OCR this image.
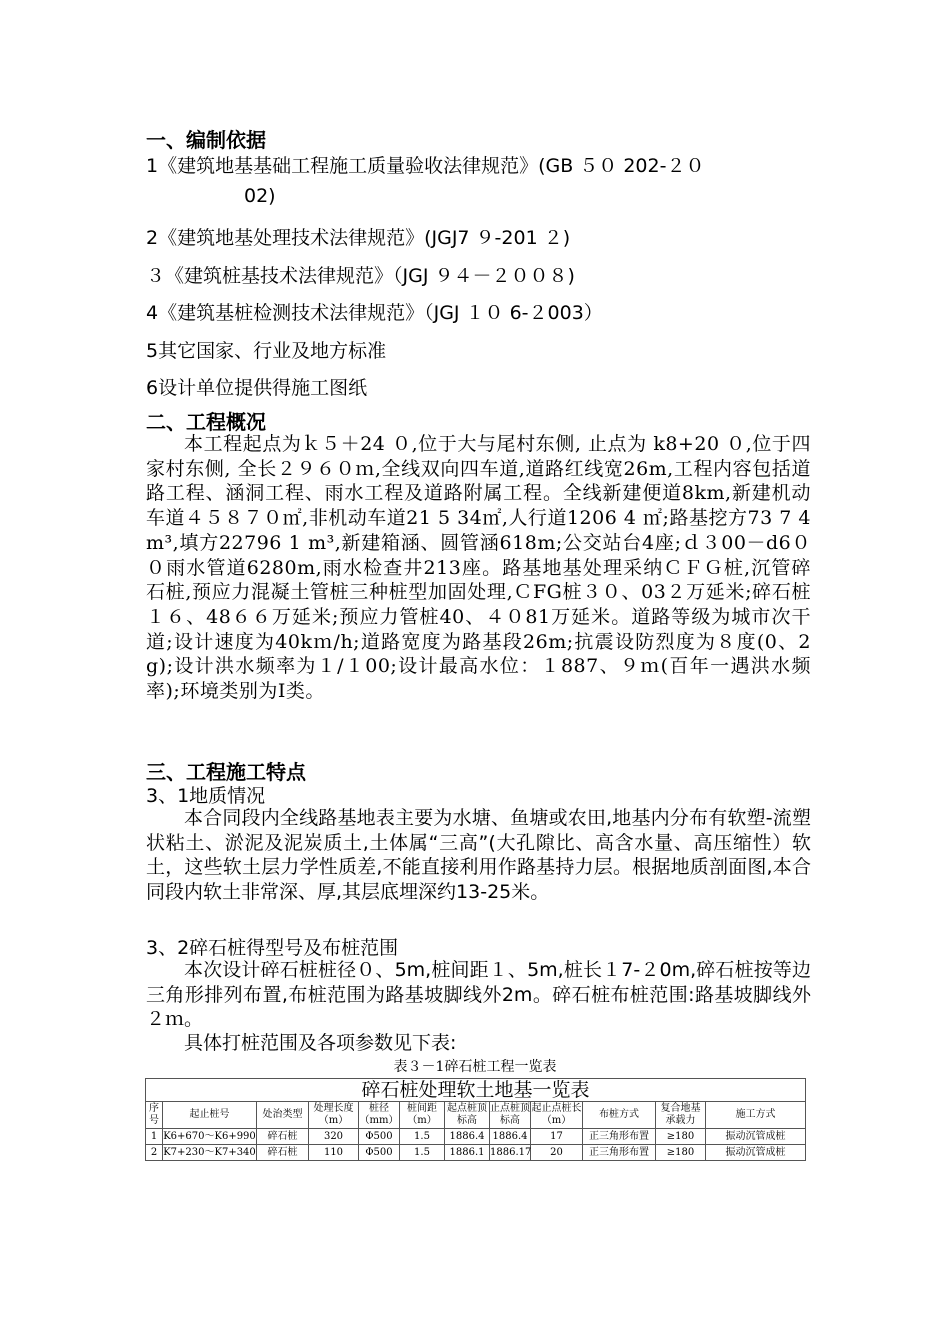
一、编制依据
1《建筑地基基础工程施工质量验收法律规范》(GB ５０ 202-２０
02)
2《建筑地基处理技术法律规范》(JGJ7 ９-201 ２)
３《建筑桩基技术法律规范》（JGJ ９４－２００８)
4《建筑基桩检测技术法律规范》（JGJ １０ 6-２003）
5其它国家、行业及地方标准
6设计单位提供得施工图纸
二、工程概况
本工程起点为ｋ５＋24 ０,位于大与尾村东侧, 止点为 k8+20 ０,位于四家村东侧, 全长２９６０ｍ,全线双向四车道,道路红线宽26m,工程内容包括道路工程、涵洞工程、雨水工程及道路附属工程。全线新建便道8km,新建机动车道４５８７０㎡,非机动车道21 5 34㎡,人行道1206 4 ㎡;路基挖方73 7 4m³,填方22796 1 m³,新建箱涵、圆管涵618m;公交站台4座;ｄ３00－d6００雨水管道6280m,雨水检查井213座。路基地基处理采纳ＣＦＧ桩,沉管碎石桩,预应力混凝土管桩三种桩型加固处理,ＣFG桩３０、03２万延米;碎石桩１６、48６６万延米;预应力管桩40、４０81万延米。道路等级为城市次干道;设计速度为40kｍ/h;道路宽度为路基段26m;抗震设防烈度为８度(0、2g);设计洪水频率为１/１00;设计最高水位：１887、９ｍ(百年一遇洪水频率);环境类别为Ⅰ类。
三、工程施工特点
3、1地质情况
本合同段内全线路基地表主要为水塘、鱼塘或农田,地基内分布有软塑-流塑状粘土、淤泥及泥炭质土,土体属“三高”(大孔隙比、高含水量、高压缩性）软土，这些软土层力学性质差,不能直接利用作路基持力层。根据地质剖面图,本合同段内软土非常深、厚,其层底埋深约13-25米。
3、2碎石桩得型号及布桩范围
本次设计碎石桩桩径０、5m,桩间距１、5m,桩长１7-２0m,碎石桩按等边三角形排列布置,布桩范围为路基坡脚线外2m。碎石桩布桩范围:路基坡脚线外２ｍ。
具体打桩范围及各项参数见下表:
表３－1碎石桩工程一览表
碎石桩处理软土地基一览表											
序号	起止桩号	处治类型	处理长度（m）	桩径（mm）	桩间距（m）	起点桩顶标高	止点桩顶标高	起止点桩长（m）	布桩方式	复合地基承载力	施工方式
1	K6+670～K6+990	碎石桩	320	Φ500	1.5	1886.4	1886.4	17	正三角形布置	≥180	振动沉管成桩
2	K7+230～K7+340	碎石桩	110	Φ500	1.5	1886.1	1886.17	20	正三角形布置	≥180	振动沉管成桩
